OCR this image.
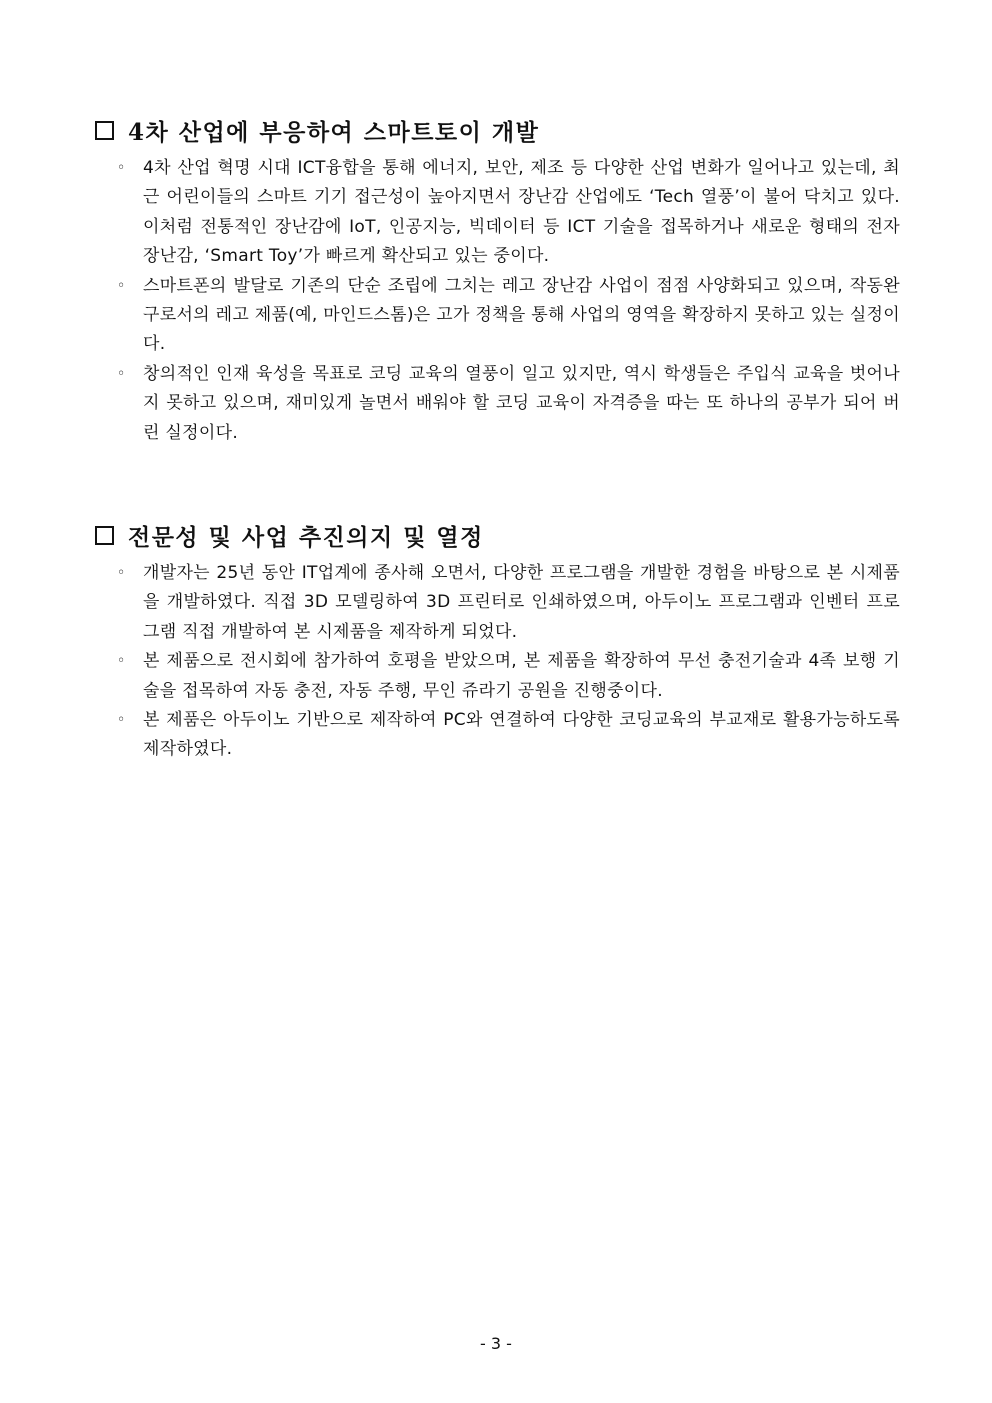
4차 산업에 부응하여 스마트토이 개발
◦ 4차 산업 혁명 시대 ICT융합을 통해 에너지, 보안, 제조 등 다양한 산업 변화가 일어나고 있는데, 최근 어린이들의 스마트 기기 접근성이 높아지면서 장난감 산업에도 ‘Tech 열풍’이 불어 닥치고 있다. 이처럼 전통적인 장난감에 IoT, 인공지능, 빅데이터 등 ICT 기술을 접목하거나 새로운 형태의 전자 장난감, ‘Smart Toy’가 빠르게 확산되고 있는 중이다.
◦ 스마트폰의 발달로 기존의 단순 조립에 그치는 레고 장난감 사업이 점점 사양화되고 있으며, 작동완구로서의 레고 제품(예, 마인드스톰)은 고가 정책을 통해 사업의 영역을 확장하지 못하고 있는 실정이다.
◦ 창의적인 인재 육성을 목표로 코딩 교육의 열풍이 일고 있지만, 역시 학생들은 주입식 교육을 벗어나지 못하고 있으며, 재미있게 놀면서 배워야 할 코딩 교육이 자격증을 따는 또 하나의 공부가 되어 버린 실정이다.
전문성 및 사업 추진의지 및 열정
◦ 개발자는 25년 동안 IT업계에 종사해 오면서, 다양한 프로그램을 개발한 경험을 바탕으로 본 시제품을 개발하였다. 직접 3D 모델링하여 3D 프린터로 인쇄하였으며, 아두이노 프로그램과 인벤터 프로그램 직접 개발하여 본 시제품을 제작하게 되었다.
◦ 본 제품으로 전시회에 참가하여 호평을 받았으며, 본 제품을 확장하여 무선 충전기술과 4족 보행 기술을 접목하여 자동 충전, 자동 주행, 무인 쥬라기 공원을 진행중이다.
◦ 본 제품은 아두이노 기반으로 제작하여 PC와 연결하여 다양한 코딩교육의 부교재로 활용가능하도록 제작하였다.
- 3 -
